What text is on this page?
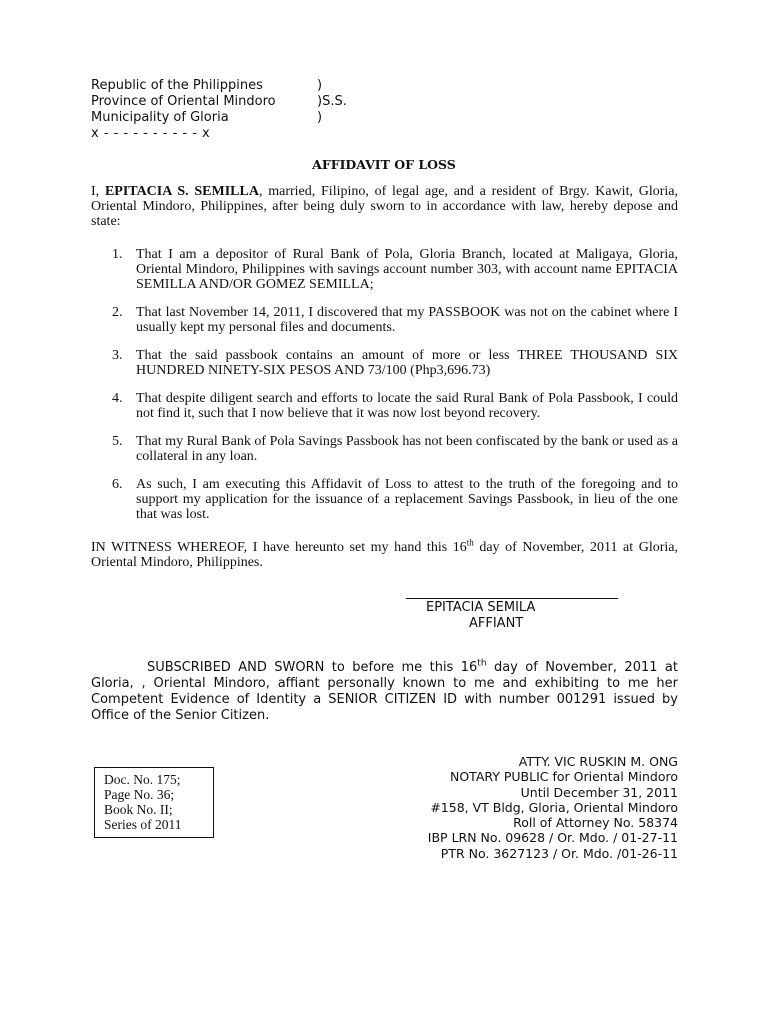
Republic of the Philippines	)
Province of Oriental Mindoro	)S.S.
Municipality of Gloria	)
x - - - - - - - - - - x
AFFIDAVIT OF LOSS
I, EPITACIA S. SEMILLA, married, Filipino, of legal age, and a resident of Brgy. Kawit, Gloria, Oriental Mindoro, Philippines, after being duly sworn to in accordance with law, hereby depose and state:
1. That I am a depositor of Rural Bank of Pola, Gloria Branch, located at Maligaya, Gloria, Oriental Mindoro, Philippines with savings account number 303, with account name EPITACIA SEMILLA AND/OR GOMEZ SEMILLA;
2. That last November 14, 2011, I discovered that my PASSBOOK was not on the cabinet where I usually kept my personal files and documents.
3. That the said passbook contains an amount of more or less THREE THOUSAND SIX HUNDRED NINETY-SIX PESOS AND 73/100 (Php3,696.73)
4. That despite diligent search and efforts to locate the said Rural Bank of Pola Passbook, I could not find it, such that I now believe that it was now lost beyond recovery.
5. That my Rural Bank of Pola Savings Passbook has not been confiscated by the bank or used as a collateral in any loan.
6. As such, I am executing this Affidavit of Loss to attest to the truth of the foregoing and to support my application for the issuance of a replacement Savings Passbook, in lieu of the one that was lost.
IN WITNESS WHEREOF, I have hereunto set my hand this 16th day of November, 2011 at Gloria, Oriental Mindoro, Philippines.
EPITACIA SEMILA
AFFIANT
SUBSCRIBED AND SWORN to before me this 16th day of November, 2011 at Gloria, , Oriental Mindoro, affiant personally known to me and exhibiting to me her Competent Evidence of Identity a SENIOR CITIZEN ID with number 001291 issued by Office of the Senior Citizen.
Doc. No. 175;
Page No. 36;
Book No. II;
Series of 2011
ATTY. VIC RUSKIN M. ONG
NOTARY PUBLIC for Oriental Mindoro
Until December 31, 2011
#158, VT Bldg, Gloria, Oriental Mindoro
Roll of Attorney No. 58374
IBP LRN No. 09628 / Or. Mdo. / 01-27-11
PTR No. 3627123 / Or. Mdo. /01-26-11
